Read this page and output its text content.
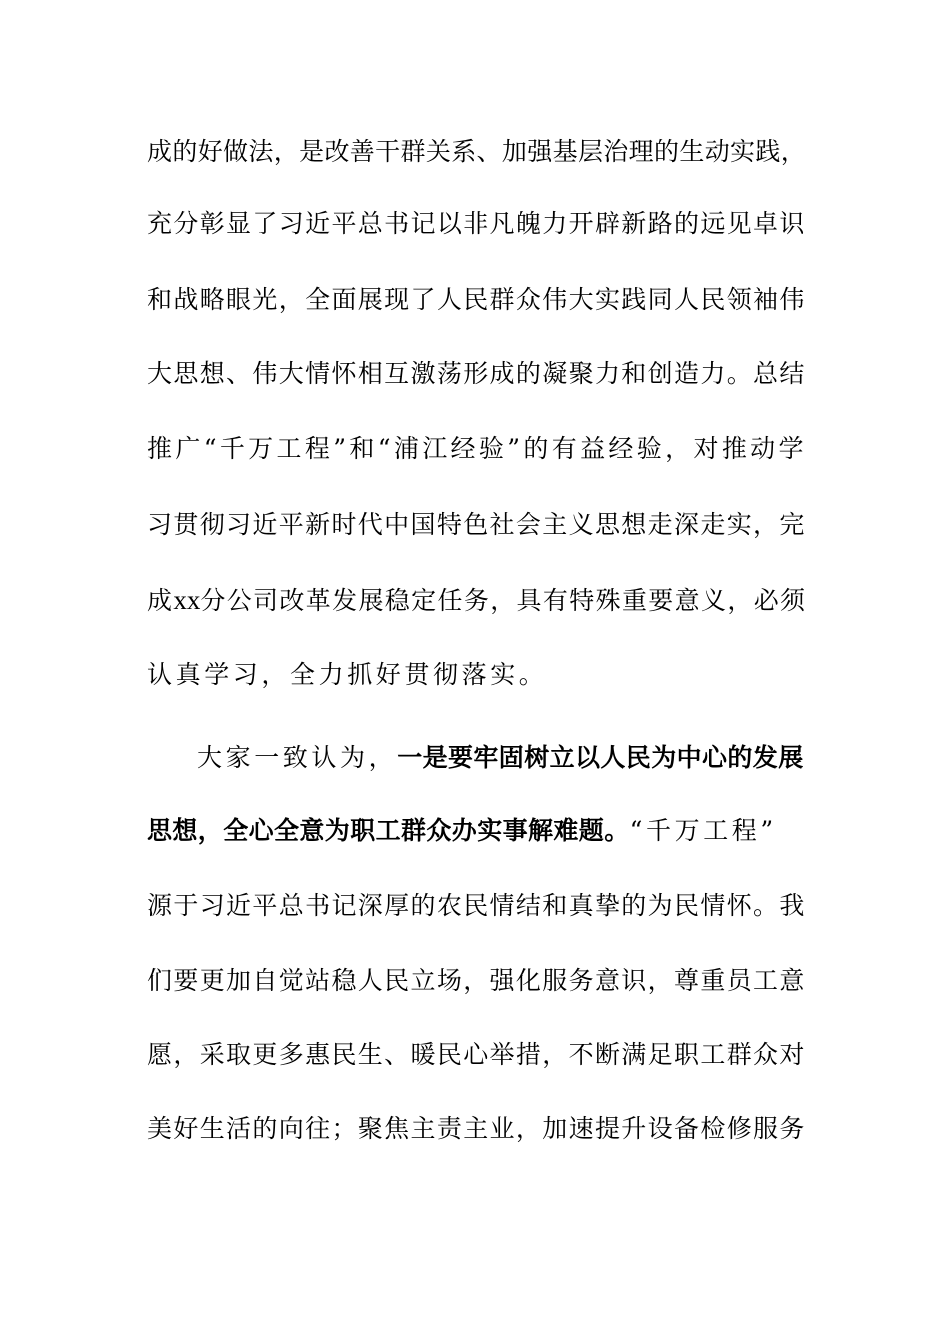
成的好做法，是改善干群关系、加强基层治理的生动实践，
充分彰显了习近平总书记以非凡魄力开辟新路的远见卓识
和战略眼光，全面展现了人民群众伟大实践同人民领袖伟
大思想、伟大情怀相互激荡形成的凝聚力和创造力。总结
推广“千万工程”和“浦江经验”的有益经验，对推动学
习贯彻习近平新时代中国特色社会主义思想走深走实，完
成xx分公司改革发展稳定任务，具有特殊重要意义，必须
认真学习，全力抓好贯彻落实。
大家一致认为，一是要牢固树立以人民为中心的发展
思想，全心全意为职工群众办实事解难题。“千万工程”
源于习近平总书记深厚的农民情结和真挚的为民情怀。我
们要更加自觉站稳人民立场，强化服务意识，尊重员工意
愿，采取更多惠民生、暖民心举措，不断满足职工群众对
美好生活的向往；聚焦主责主业，加速提升设备检修服务
